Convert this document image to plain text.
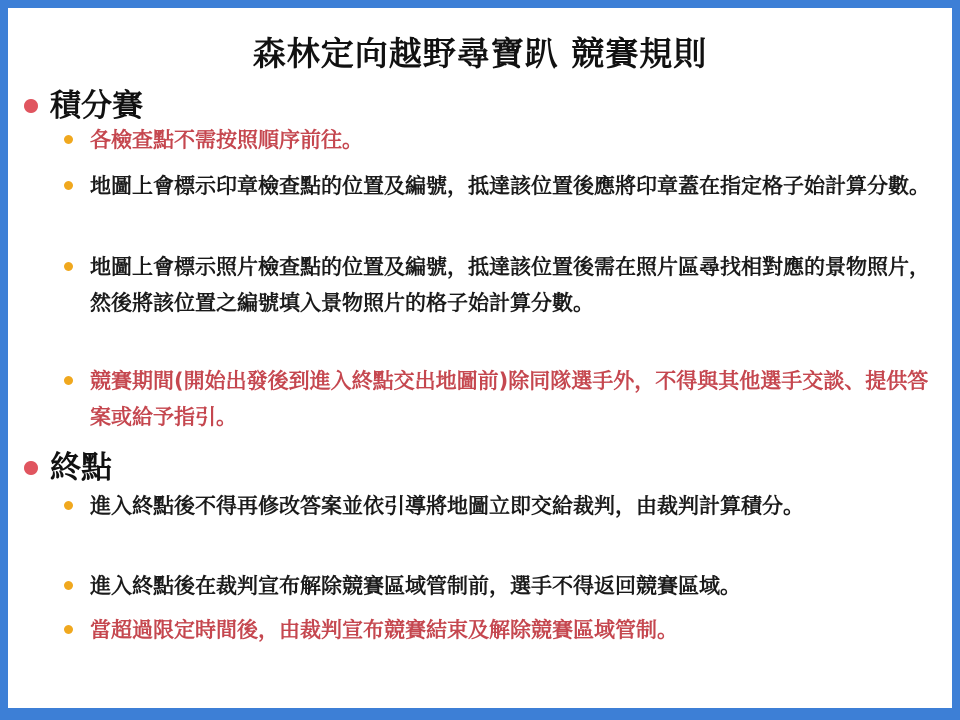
森林定向越野尋寶趴 競賽規則
積分賽
各檢查點不需按照順序前往。
地圖上會標示印章檢查點的位置及編號，抵達該位置後應將印章蓋在指定格子始計算分數。
地圖上會標示照片檢查點的位置及編號，抵達該位置後需在照片區尋找相對應的景物照片，然後將該位置之編號填入景物照片的格子始計算分數。
競賽期間(開始出發後到進入終點交出地圖前)除同隊選手外，不得與其他選手交談、提供答案或給予指引。
終點
進入終點後不得再修改答案並依引導將地圖立即交給裁判，由裁判計算積分。
進入終點後在裁判宣布解除競賽區域管制前，選手不得返回競賽區域。
當超過限定時間後，由裁判宣布競賽結束及解除競賽區域管制。
